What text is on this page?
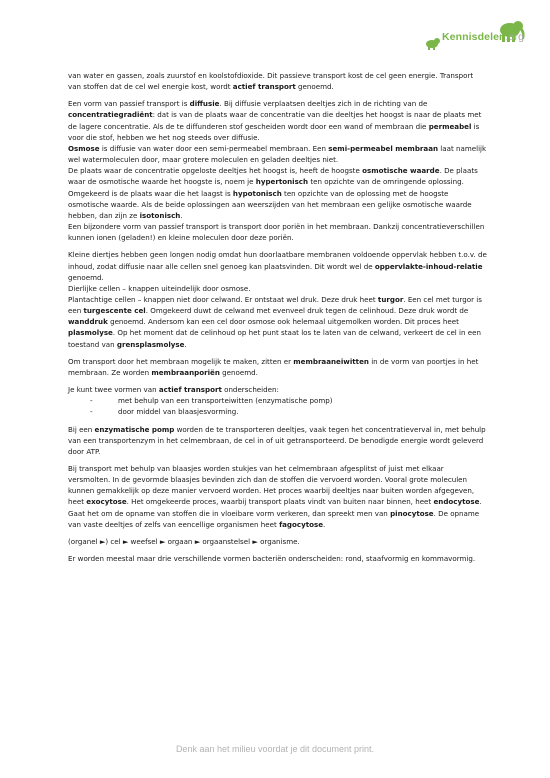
Kennisdelen.org

van water en gassen, zoals zuurstof en koolstofdioxide. Dit passieve transport kost de cel geen energie. Transport van stoffen dat de cel wel energie kost, wordt actief transport genoemd.

Een vorm van passief transport is diffusie. Bij diffusie verplaatsen deeltjes zich in de richting van de concentratiegradiënt: dat is van de plaats waar de concentratie van die deeltjes het hoogst is naar de plaats met de lagere concentratie. Als de te diffunderen stof gescheiden wordt door een wand of membraan die permeabel is voor die stof, hebben we het nog steeds over diffusie.

Osmose is diffusie van water door een semi-permeabel membraan. Een semi-permeabel membraan laat namelijk wel watermoleculen door, maar grotere moleculen en geladen deeltjes niet.

De plaats waar de concentratie opgeloste deeltjes het hoogst is, heeft de hoogste osmotische waarde. De plaats waar de osmotische waarde het hoogste is, noem je hypertonisch ten opzichte van de omringende oplossing. Omgekeerd is de plaats waar die het laagst is hypotonisch ten opzichte van de oplossing met de hoogste osmotische waarde. Als de beide oplossingen aan weerszijden van het membraan een gelijke osmotische waarde hebben, dan zijn ze isotonisch.

Een bijzondere vorm van passief transport is transport door poriën in het membraan. Dankzij concentratieverschillen kunnen ionen (geladen!) en kleine moleculen door deze poriën.

Kleine diertjes hebben geen longen nodig omdat hun doorlaatbare membranen voldoende oppervlak hebben t.o.v. de inhoud, zodat diffusie naar alle cellen snel genoeg kan plaatsvinden. Dit wordt wel de oppervlakte-inhoud-relatie genoemd.

Dierlijke cellen – knappen uiteindelijk door osmose.

Plantachtige cellen – knappen niet door celwand. Er ontstaat wel druk. Deze druk heet turgor. Een cel met turgor is een turgescente cel. Omgekeerd duwt de celwand met evenveel druk tegen de celinhoud. Deze druk wordt de wanddruk genoemd. Andersom kan een cel door osmose ook helemaal uitgemolken worden. Dit proces heet plasmolyse. Op het moment dat de celinhoud op het punt staat los te laten van de celwand, verkeert de cel in een toestand van grensplasmolyse.

Om transport door het membraan mogelijk te maken, zitten er membraaneiwitten in de vorm van poortjes in het membraan. Ze worden membraanporiën genoemd.

Je kunt twee vormen van actief transport onderscheiden:

-	met behulp van een transporteiwitten (enzymatische pomp)
-	door middel van blaasjesvorming.

Bij een enzymatische pomp worden de te transporteren deeltjes, vaak tegen het concentratieverval in, met behulp van een transportenzym in het celmembraan, de cel in of uit getransporteerd. De benodigde energie wordt geleverd door ATP.

Bij transport met behulp van blaasjes worden stukjes van het celmembraan afgesplitst of juist met elkaar versmolten. In de gevormde blaasjes bevinden zich dan de stoffen die vervoerd worden. Vooral grote moleculen kunnen gemakkelijk op deze manier vervoerd worden. Het proces waarbij deeltjes naar buiten worden afgegeven, heet exocytose. Het omgekeerde proces, waarbij transport plaats vindt van buiten naar binnen, heet endocytose. Gaat het om de opname van stoffen die in vloeibare vorm verkeren, dan spreekt men van pinocytose. De opname van vaste deeltjes of zelfs van eencellige organismen heet fagocytose.

(organel ►) cel ► weefsel ► orgaan ► orgaanstelsel ► organisme.

Er worden meestal maar drie verschillende vormen bacteriën onderscheiden: rond, staafvormig en kommavormig.

Denk aan het milieu voordat je dit document print.
